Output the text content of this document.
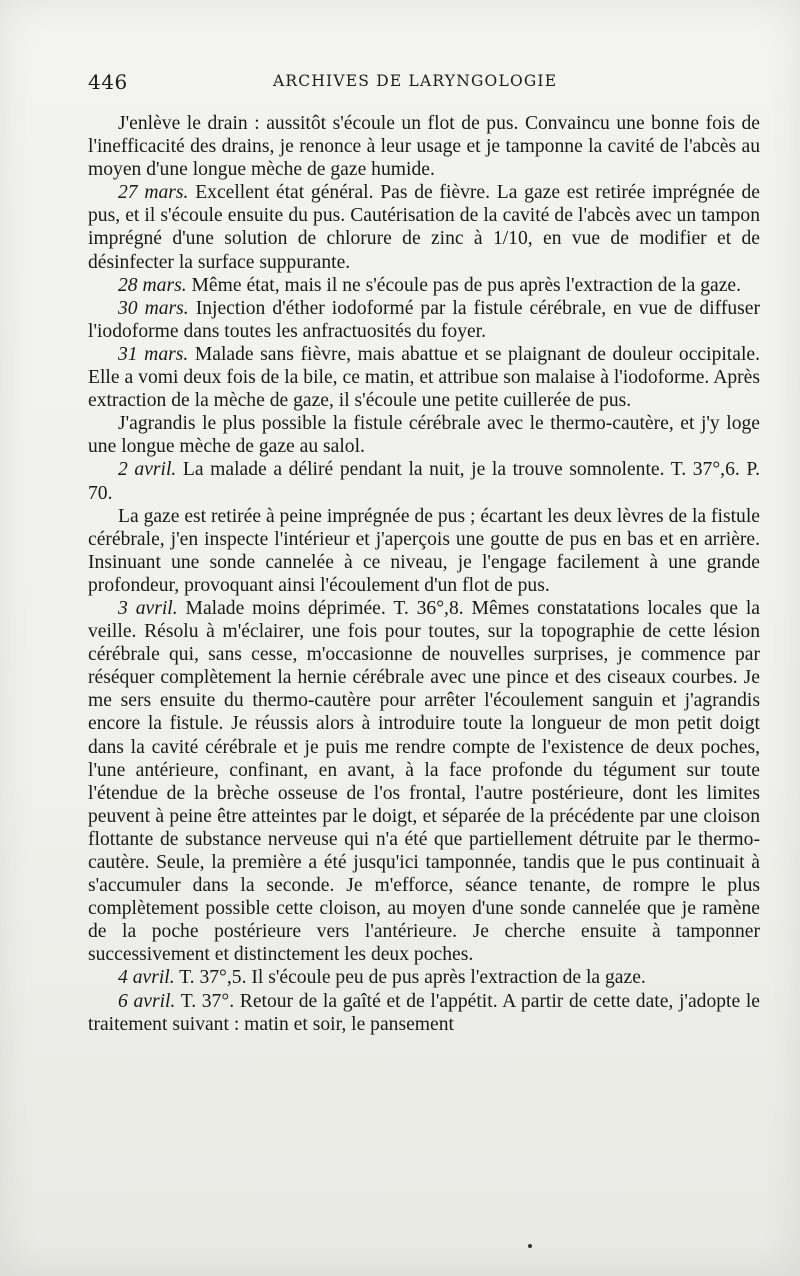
446	ARCHIVES DE LARYNGOLOGIE

J'enlève le drain : aussitôt s'écoule un flot de pus. Convaincu une bonne fois de l'inefficacité des drains, je renonce à leur usage et je tamponne la cavité de l'abcès au moyen d'une longue mèche de gaze humide.

27 mars. Excellent état général. Pas de fièvre. La gaze est retirée imprégnée de pus, et il s'écoule ensuite du pus. Cautérisation de la cavité de l'abcès avec un tampon imprégné d'une solution de chlorure de zinc à 1/10, en vue de modifier et de désinfecter la surface suppurante.

28 mars. Même état, mais il ne s'écoule pas de pus après l'extraction de la gaze.

30 mars. Injection d'éther iodoformé par la fistule cérébrale, en vue de diffuser l'iodoforme dans toutes les anfractuosités du foyer.

31 mars. Malade sans fièvre, mais abattue et se plaignant de douleur occipitale. Elle a vomi deux fois de la bile, ce matin, et attribue son malaise à l'iodoforme. Après extraction de la mèche de gaze, il s'écoule une petite cuillerée de pus.

J'agrandis le plus possible la fistule cérébrale avec le thermo-cautère, et j'y loge une longue mèche de gaze au salol.

2 avril. La malade a déliré pendant la nuit, je la trouve somnolente. T. 37°,6. P. 70.

La gaze est retirée à peine imprégnée de pus ; écartant les deux lèvres de la fistule cérébrale, j'en inspecte l'intérieur et j'aperçois une goutte de pus en bas et en arrière. Insinuant une sonde cannelée à ce niveau, je l'engage facilement à une grande profondeur, provoquant ainsi l'écoulement d'un flot de pus.

3 avril. Malade moins déprimée. T. 36°,8. Mêmes constatations locales que la veille. Résolu à m'éclairer, une fois pour toutes, sur la topographie de cette lésion cérébrale qui, sans cesse, m'occasionne de nouvelles surprises, je commence par réséquer complètement la hernie cérébrale avec une pince et des ciseaux courbes. Je me sers ensuite du thermo-cautère pour arrêter l'écoulement sanguin et j'agrandis encore la fistule. Je réussis alors à introduire toute la longueur de mon petit doigt dans la cavité cérébrale et je puis me rendre compte de l'existence de deux poches, l'une antérieure, confinant, en avant, à la face profonde du tégument sur toute l'étendue de la brèche osseuse de l'os frontal, l'autre postérieure, dont les limites peuvent à peine être atteintes par le doigt, et séparée de la précédente par une cloison flottante de substance nerveuse qui n'a été que partiellement détruite par le thermo-cautère. Seule, la première a été jusqu'ici tamponnée, tandis que le pus continuait à s'accumuler dans la seconde. Je m'efforce, séance tenante, de rompre le plus complètement possible cette cloison, au moyen d'une sonde cannelée que je ramène de la poche postérieure vers l'antérieure. Je cherche ensuite à tamponner successivement et distinctement les deux poches.

4 avril. T. 37°,5. Il s'écoule peu de pus après l'extraction de la gaze.

6 avril. T. 37°. Retour de la gaîté et de l'appétit. A partir de cette date, j'adopte le traitement suivant : matin et soir, le pansement
